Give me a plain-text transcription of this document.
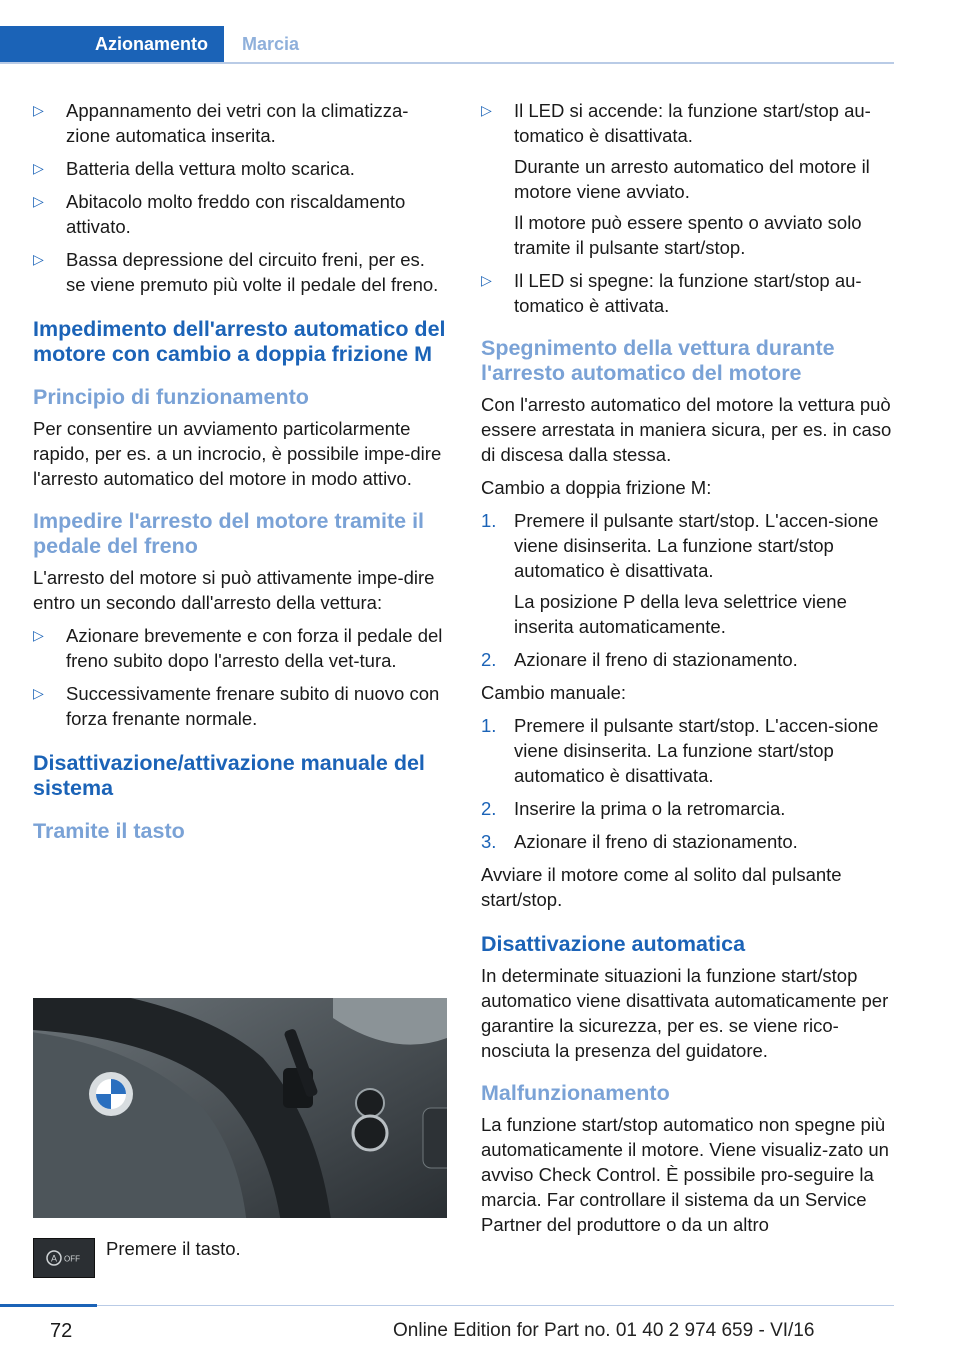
Azionamento Marcia
▷ Appannamento dei vetri con la climatizza-zione automatica inserita.
▷ Batteria della vettura molto scarica.
▷ Abitacolo molto freddo con riscaldamento attivato.
▷ Bassa depressione del circuito freni, per es. se viene premuto più volte il pedale del freno.
Impedimento dell'arresto automatico del motore con cambio a doppia frizione M
Principio di funzionamento

Per consentire un avviamento particolarmente rapido, per es. a un incrocio, è possibile impe-dire l'arresto automatico del motore in modo attivo.

Impedire l'arresto del motore tramite il pedale del freno

L'arresto del motore si può attivamente impe-dire entro un secondo dall'arresto della vettura:

▷ Azionare brevemente e con forza il pedale del freno subito dopo l'arresto della vet-tura.
▷ Successivamente frenare subito di nuovo con forza frenante normale.
Disattivazione/attivazione manuale del sistema
Tramite il tasto
A OFF Premere il tasto.
▷ Il LED si accende: la funzione start/stop au-tomatico è disattivata.
Durante un arresto automatico del motore il motore viene avviato.
Il motore può essere spento o avviato solo tramite il pulsante start/stop.
▷ Il LED si spegne: la funzione start/stop au-tomatico è attivata.
Spegnimento della vettura durante l'arresto automatico del motore

Con l'arresto automatico del motore la vettura può essere arrestata in maniera sicura, per es. in caso di discesa dalla stessa.

Cambio a doppia frizione M:

1. Premere il pulsante start/stop. L'accen-sione viene disinserita. La funzione start/stop automatico è disattivata.
La posizione P della leva selettrice viene inserita automaticamente.
2. Azionare il freno di stazionamento.

Cambio manuale:

1. Premere il pulsante start/stop. L'accen-sione viene disinserita. La funzione start/stop automatico è disattivata.
2. Inserire la prima o la retromarcia.
3. Azionare il freno di stazionamento.

Avviare il motore come al solito dal pulsante start/stop.

Disattivazione automatica

In determinate situazioni la funzione start/stop automatico viene disattivata automaticamente per garantire la sicurezza, per es. se viene rico-nosciuta la presenza del guidatore.

Malfunzionamento

La funzione start/stop automatico non spegne più automaticamente il motore. Viene visualiz-zato un avviso Check Control. È possibile pro-seguire la marcia. Far controllare il sistema da un Service Partner del produttore o da un altro

72	Online Edition for Part no. 01 40 2 974 659 - VI/16
